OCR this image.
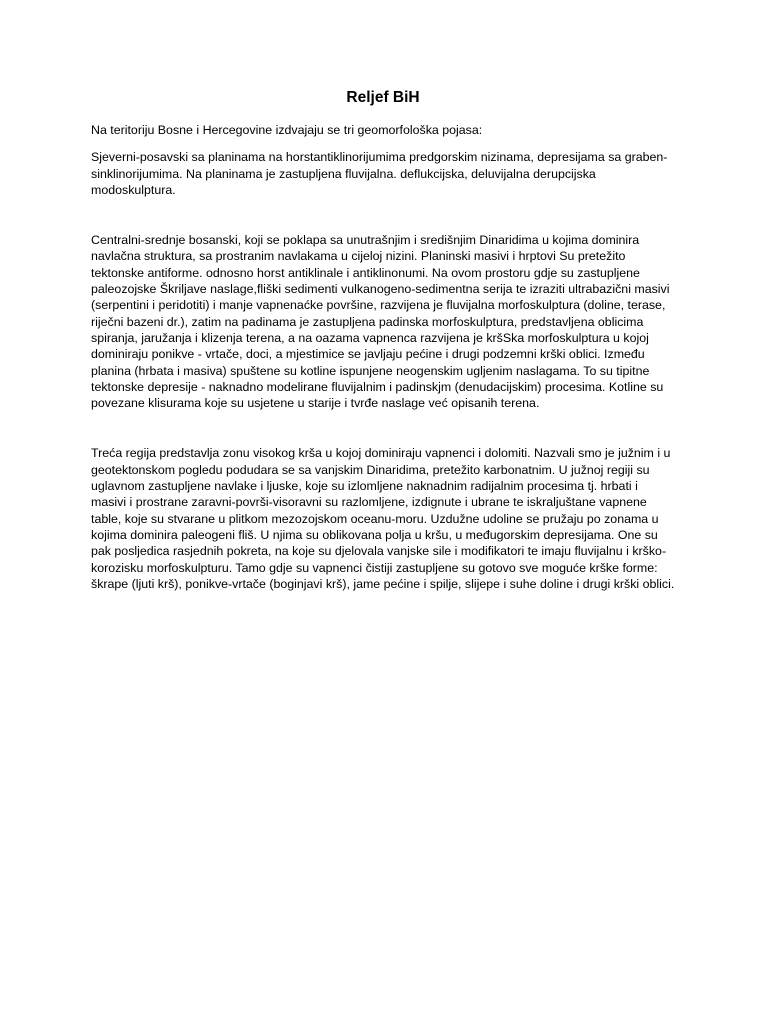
Reljef BiH

Na teritoriju Bosne i Hercegovine izdvajaju se tri geomorfološka pojasa:

Sjeverni-posavski sa planinama na horstantiklinorijumima predgorskim nizinama, depresijama sa graben-sinklinorijumima. Na planinama je zastupljena fluvijalna. deflukcijska, deluvijalna derupcijska modoskulptura.

Centralni-srednje bosanski, koji se poklapa sa unutrašnjim i središnjim Dinaridima u kojima dominira navlačna struktura, sa prostranim navlakama u cijeloj nizini. Planinski masivi i hrptovi Su pretežito tektonske antiforme. odnosno horst antiklinale i antiklinonumi. Na ovom prostoru gdje su zastupljene paleozojske Škriljave naslage,fliški sedimenti vulkanogeno-sedimentna serija te izraziti ultrabazični masivi (serpentini i peridotiti) i manje vapnenaćke površine, razvijena je fluvijalna morfoskulptura (doline, terase, riječni bazeni dr.), zatim na padinama je zastupljena padinska morfoskulptura, predstavljena oblicima spiranja, jaružanja i klizenja terena, a na oazama vapnenca razvijena je kršSka morfoskulptura u kojoj dominiraju ponikve - vrtače, doci, a mjestimice se javljaju pećine i drugi podzemni krški oblici. Između planina (hrbata i masiva) spuštene su kotline ispunjene neogenskim ugljenim naslagama. To su tipitne tektonske depresije - naknadno modelirane fluvijalnim i padinskjm (denudacijskim) procesima. Kotline su povezane klisurama koje su usjetene u starije i tvrđe naslage već opisanih terena.

Treća regija predstavlja zonu visokog krša u kojoj dominiraju vapnenci i dolomiti. Nazvali smo je južnim i u geotektonskom pogledu podudara se sa vanjskim Dinaridima, pretežito karbonatnim. U južnoj regiji su uglavnom zastupljene navlake i ljuske, koje su izlomljene naknadnim radijalnim procesima tj. hrbati i masivi i prostrane zaravni-površi-visoravni su razlomljene, izdignute i ubrane te iskraljuštane vapnene table, koje su stvarane u plitkom mezozojskom oceanu-moru. Uzdužne udoline se pružaju po zonama u kojima dominira paleogeni fliš. U njima su oblikovana polja u kršu, u međugorskim depresijama. One su pak posljedica rasjednih pokreta, na koje su djelovala vanjske sile i modifikatori te imaju fluvijalnu i krško-korozisku morfoskulpturu. Tamo gdje su vapnenci čistiji zastupljene su gotovo sve moguće krške forme: škrape (ljuti krš), ponikve-vrtače (boginjavi krš), jame pećine i spilje, slijepe i suhe doline i drugi krški oblici.
